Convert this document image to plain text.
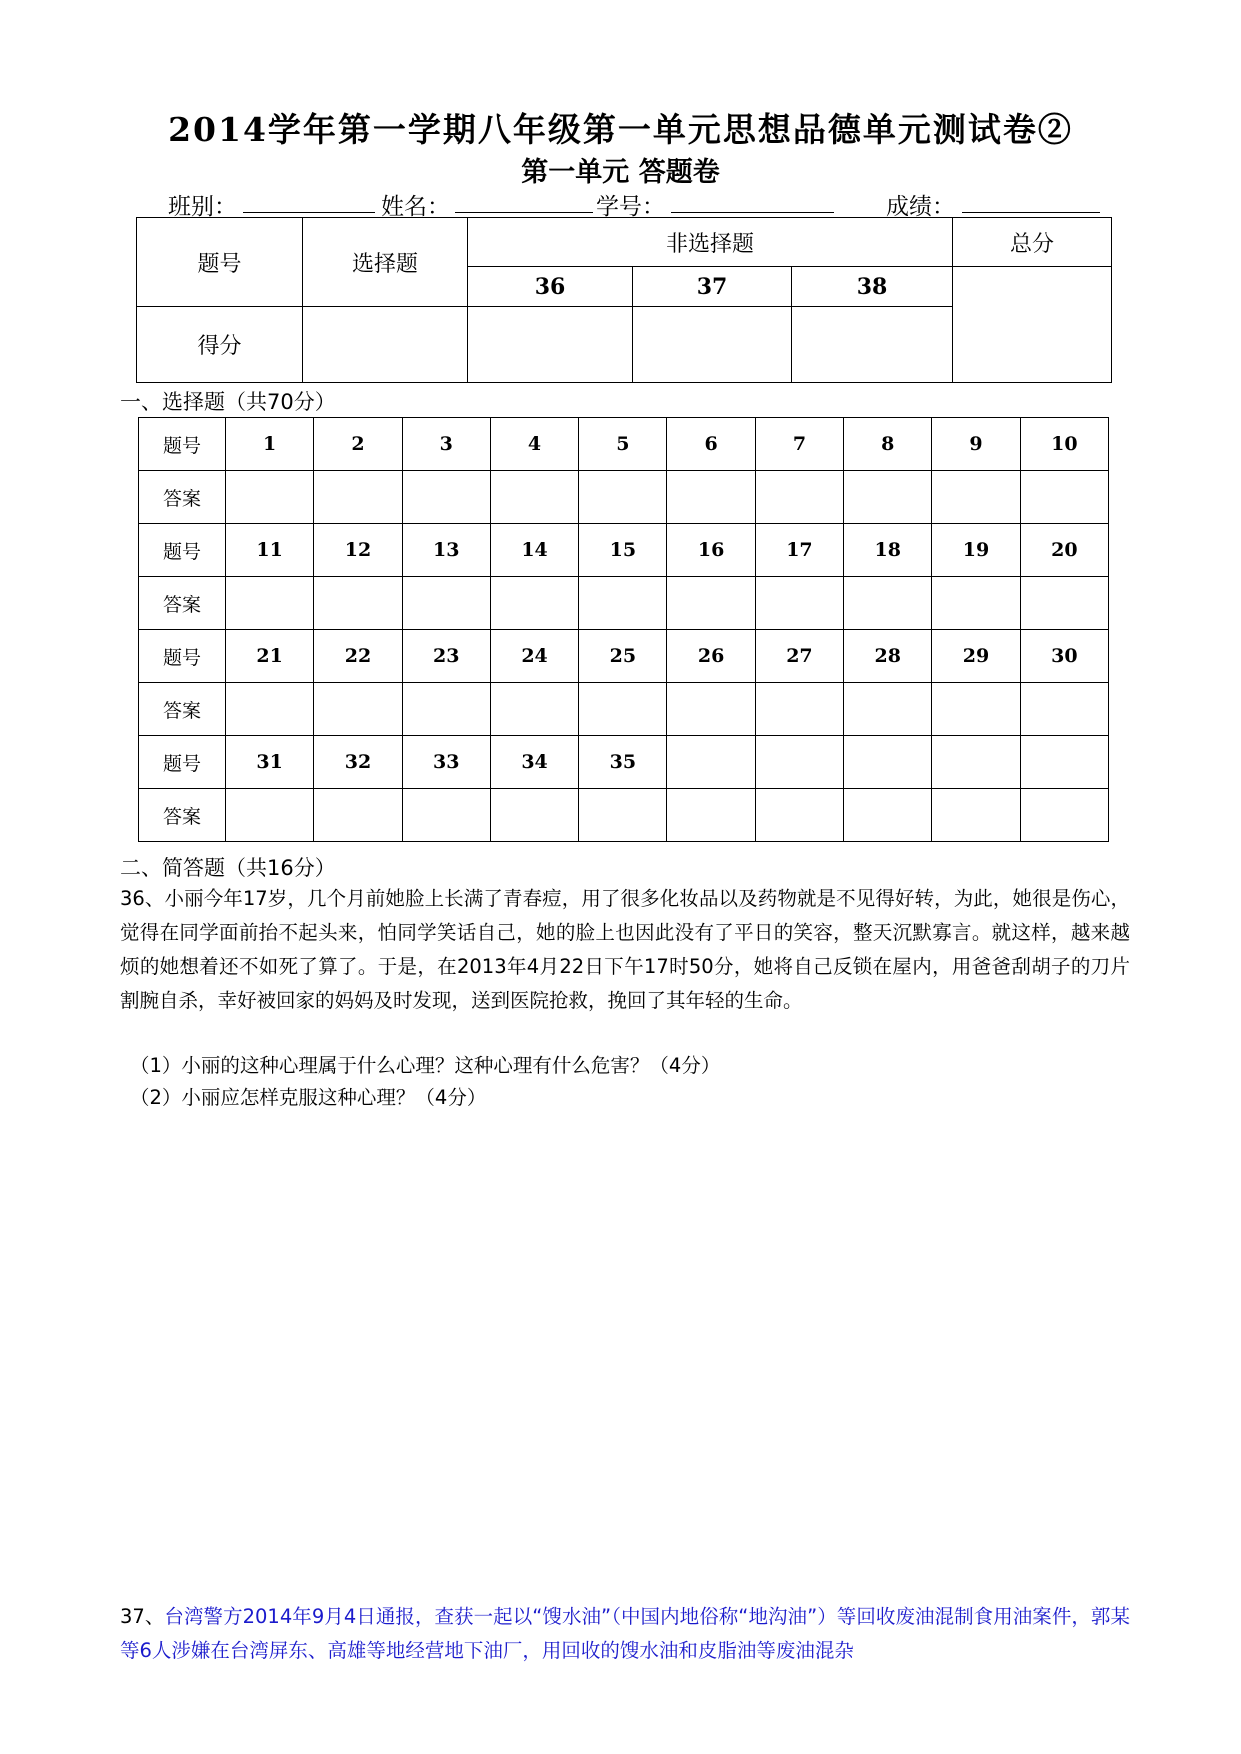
2014学年第一学期八年级第一单元思想品德单元测试卷②
第一单元 答题卷
班别：	姓名：	学号：	成绩：
题号	选择题	非选择题			总分
		36	37	38	
得分					
一、选择题（共70分）
题号	1	2	3	4	5	6	7	8	9	10
答案										
题号	11	12	13	14	15	16	17	18	19	20
答案										
题号	21	22	23	24	25	26	27	28	29	30
答案										
题号	31	32	33	34	35					
答案										
二、简答题（共16分）
36、小丽今年17岁，几个月前她脸上长满了青春痘，用了很多化妆品以及药物就是不见得好转，为此，她很是伤心，觉得在同学面前抬不起头来，怕同学笑话自己，她的脸上也因此没有了平日的笑容，整天沉默寡言。就这样，越来越烦的她想着还不如死了算了。于是，在2013年4月22日下午17时50分，她将自己反锁在屋内，用爸爸刮胡子的刀片割腕自杀，幸好被回家的妈妈及时发现，送到医院抢救，挽回了其年轻的生命。
（1）小丽的这种心理属于什么心理？这种心理有什么危害？（4分）
（2）小丽应怎样克服这种心理？（4分）
37、台湾警方2014年9月4日通报，查获一起以“馊水油”（中国内地俗称“地沟油”）等回收废油混制食用油案件，郭某等6人涉嫌在台湾屏东、高雄等地经营地下油厂，用回收的馊水油和皮脂油等废油混杂
